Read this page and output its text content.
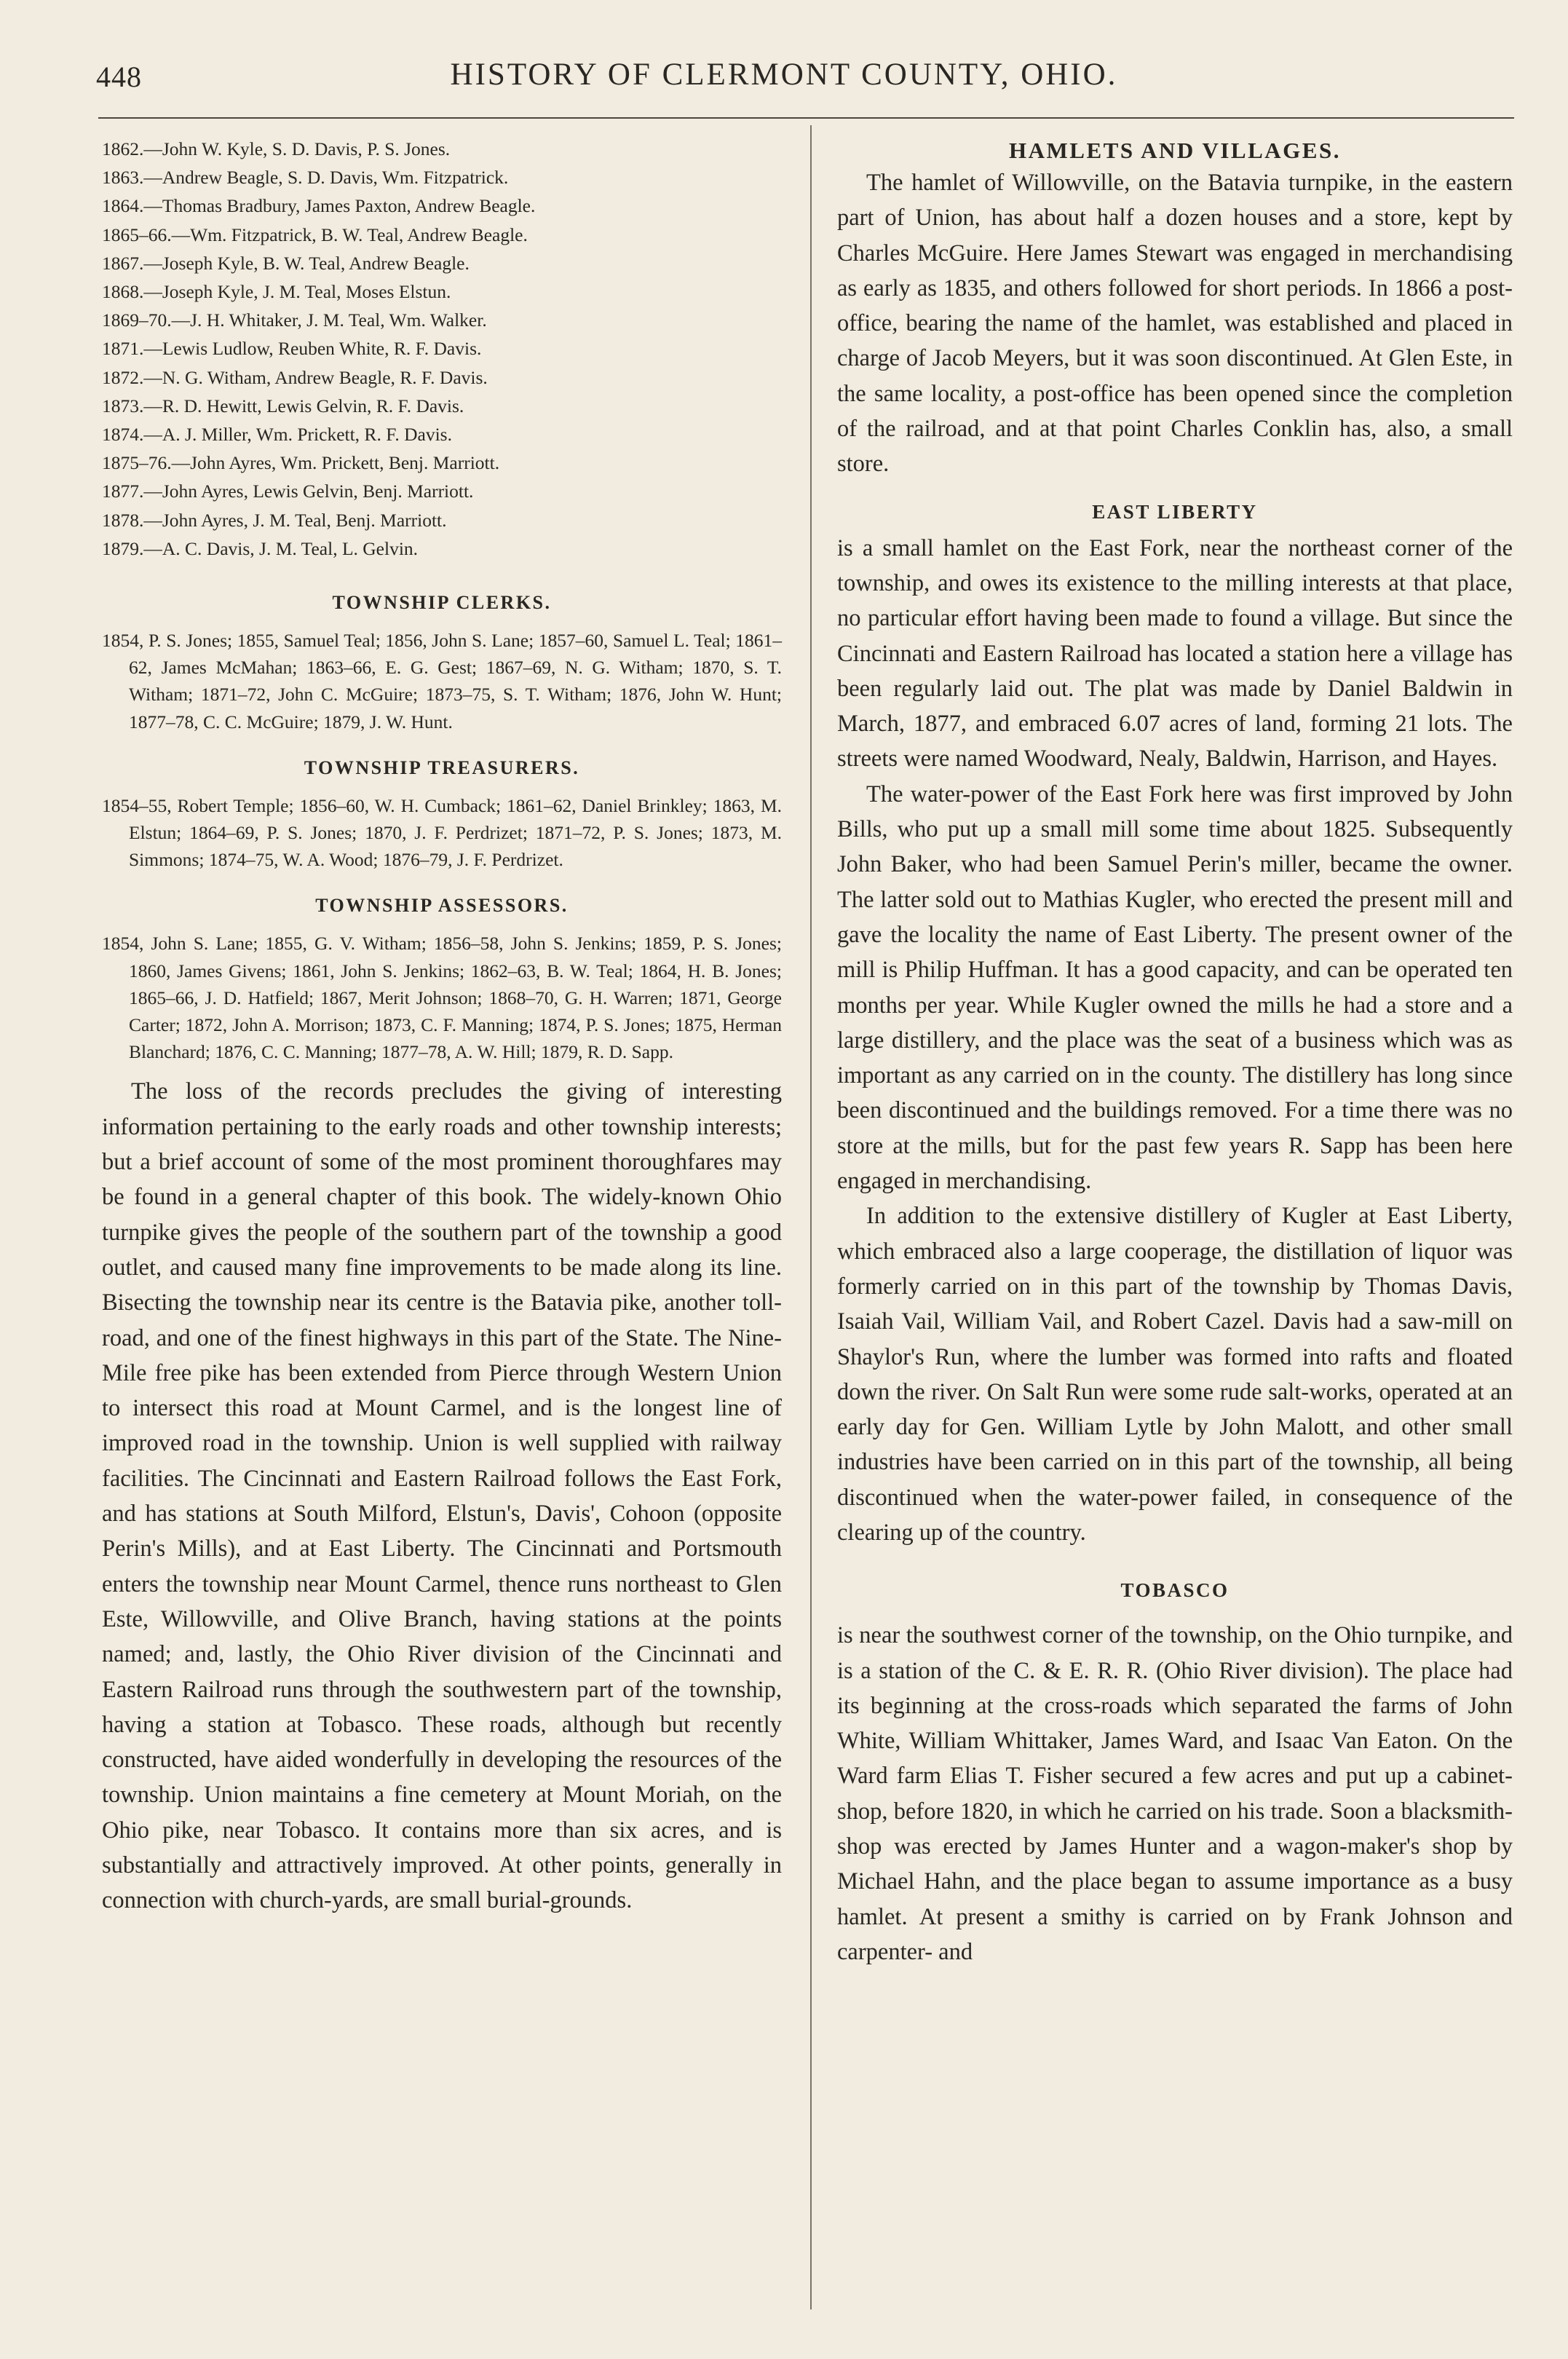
448	HISTORY OF CLERMONT COUNTY, OHIO.
1862.—John W. Kyle, S. D. Davis, P. S. Jones.
1863.—Andrew Beagle, S. D. Davis, Wm. Fitzpatrick.
1864.—Thomas Bradbury, James Paxton, Andrew Beagle.
1865–66.—Wm. Fitzpatrick, B. W. Teal, Andrew Beagle.
1867.—Joseph Kyle, B. W. Teal, Andrew Beagle.
1868.—Joseph Kyle, J. M. Teal, Moses Elstun.
1869–70.—J. H. Whitaker, J. M. Teal, Wm. Walker.
1871.—Lewis Ludlow, Reuben White, R. F. Davis.
1872.—N. G. Witham, Andrew Beagle, R. F. Davis.
1873.—R. D. Hewitt, Lewis Gelvin, R. F. Davis.
1874.—A. J. Miller, Wm. Prickett, R. F. Davis.
1875–76.—John Ayres, Wm. Prickett, Benj. Marriott.
1877.—John Ayres, Lewis Gelvin, Benj. Marriott.
1878.—John Ayres, J. M. Teal, Benj. Marriott.
1879.—A. C. Davis, J. M. Teal, L. Gelvin.
TOWNSHIP CLERKS.

1854, P. S. Jones; 1855, Samuel Teal; 1856, John S. Lane; 1857–60, Samuel L. Teal; 1861–62, James McMahan; 1863–66, E. G. Gest; 1867–69, N. G. Witham; 1870, S. T. Witham; 1871–72, John C. McGuire; 1873–75, S. T. Witham; 1876, John W. Hunt; 1877–78, C. C. McGuire; 1879, J. W. Hunt.

TOWNSHIP TREASURERS.

1854–55, Robert Temple; 1856–60, W. H. Cumback; 1861–62, Daniel Brinkley; 1863, M. Elstun; 1864–69, P. S. Jones; 1870, J. F. Perdrizet; 1871–72, P. S. Jones; 1873, M. Simmons; 1874–75, W. A. Wood; 1876–79, J. F. Perdrizet.

TOWNSHIP ASSESSORS.

1854, John S. Lane; 1855, G. V. Witham; 1856–58, John S. Jenkins; 1859, P. S. Jones; 1860, James Givens; 1861, John S. Jenkins; 1862–63, B. W. Teal; 1864, H. B. Jones; 1865–66, J. D. Hatfield; 1867, Merit Johnson; 1868–70, G. H. Warren; 1871, George Carter; 1872, John A. Morrison; 1873, C. F. Manning; 1874, P. S. Jones; 1875, Herman Blanchard; 1876, C. C. Manning; 1877–78, A. W. Hill; 1879, R. D. Sapp.

The loss of the records precludes the giving of interesting information pertaining to the early roads and other township interests; but a brief account of some of the most prominent thoroughfares may be found in a general chapter of this book. The widely-known Ohio turnpike gives the people of the southern part of the township a good outlet, and caused many fine improvements to be made along its line. Bisecting the township near its centre is the Batavia pike, another toll-road, and one of the finest highways in this part of the State. The Nine-Mile free pike has been extended from Pierce through Western Union to intersect this road at Mount Carmel, and is the longest line of improved road in the township. Union is well supplied with railway facilities. The Cincinnati and Eastern Railroad follows the East Fork, and has stations at South Milford, Elstun's, Davis', Cohoon (opposite Perin's Mills), and at East Liberty. The Cincinnati and Portsmouth enters the township near Mount Carmel, thence runs northeast to Glen Este, Willowville, and Olive Branch, having stations at the points named; and, lastly, the Ohio River division of the Cincinnati and Eastern Railroad runs through the southwestern part of the township, having a station at Tobasco. These roads, although but recently constructed, have aided wonderfully in developing the resources of the township. Union maintains a fine cemetery at Mount Moriah, on the Ohio pike, near Tobasco. It contains more than six acres, and is substantially and attractively improved. At other points, generally in connection with church-yards, are small burial-grounds.

HAMLETS AND VILLAGES.

The hamlet of Willowville, on the Batavia turnpike, in the eastern part of Union, has about half a dozen houses and a store, kept by Charles McGuire. Here James Stewart was engaged in merchandising as early as 1835, and others followed for short periods. In 1866 a post-office, bearing the name of the hamlet, was established and placed in charge of Jacob Meyers, but it was soon discontinued. At Glen Este, in the same locality, a post-office has been opened since the completion of the railroad, and at that point Charles Conklin has, also, a small store.

EAST LIBERTY

is a small hamlet on the East Fork, near the northeast corner of the township, and owes its existence to the milling interests at that place, no particular effort having been made to found a village. But since the Cincinnati and Eastern Railroad has located a station here a village has been regularly laid out. The plat was made by Daniel Baldwin in March, 1877, and embraced 6.07 acres of land, forming 21 lots. The streets were named Woodward, Nealy, Baldwin, Harrison, and Hayes.

The water-power of the East Fork here was first improved by John Bills, who put up a small mill some time about 1825. Subsequently John Baker, who had been Samuel Perin's miller, became the owner. The latter sold out to Mathias Kugler, who erected the present mill and gave the locality the name of East Liberty. The present owner of the mill is Philip Huffman. It has a good capacity, and can be operated ten months per year. While Kugler owned the mills he had a store and a large distillery, and the place was the seat of a business which was as important as any carried on in the county. The distillery has long since been discontinued and the buildings removed. For a time there was no store at the mills, but for the past few years R. Sapp has been here engaged in merchandising.

In addition to the extensive distillery of Kugler at East Liberty, which embraced also a large cooperage, the distillation of liquor was formerly carried on in this part of the township by Thomas Davis, Isaiah Vail, William Vail, and Robert Cazel. Davis had a saw-mill on Shaylor's Run, where the lumber was formed into rafts and floated down the river. On Salt Run were some rude salt-works, operated at an early day for Gen. William Lytle by John Malott, and other small industries have been carried on in this part of the township, all being discontinued when the water-power failed, in consequence of the clearing up of the country.

TOBASCO

is near the southwest corner of the township, on the Ohio turnpike, and is a station of the C. & E. R. R. (Ohio River division). The place had its beginning at the cross-roads which separated the farms of John White, William Whittaker, James Ward, and Isaac Van Eaton. On the Ward farm Elias T. Fisher secured a few acres and put up a cabinet-shop, before 1820, in which he carried on his trade. Soon a blacksmith-shop was erected by James Hunter and a wagon-maker's shop by Michael Hahn, and the place began to assume importance as a busy hamlet. At present a smithy is carried on by Frank Johnson and carpenter- and
